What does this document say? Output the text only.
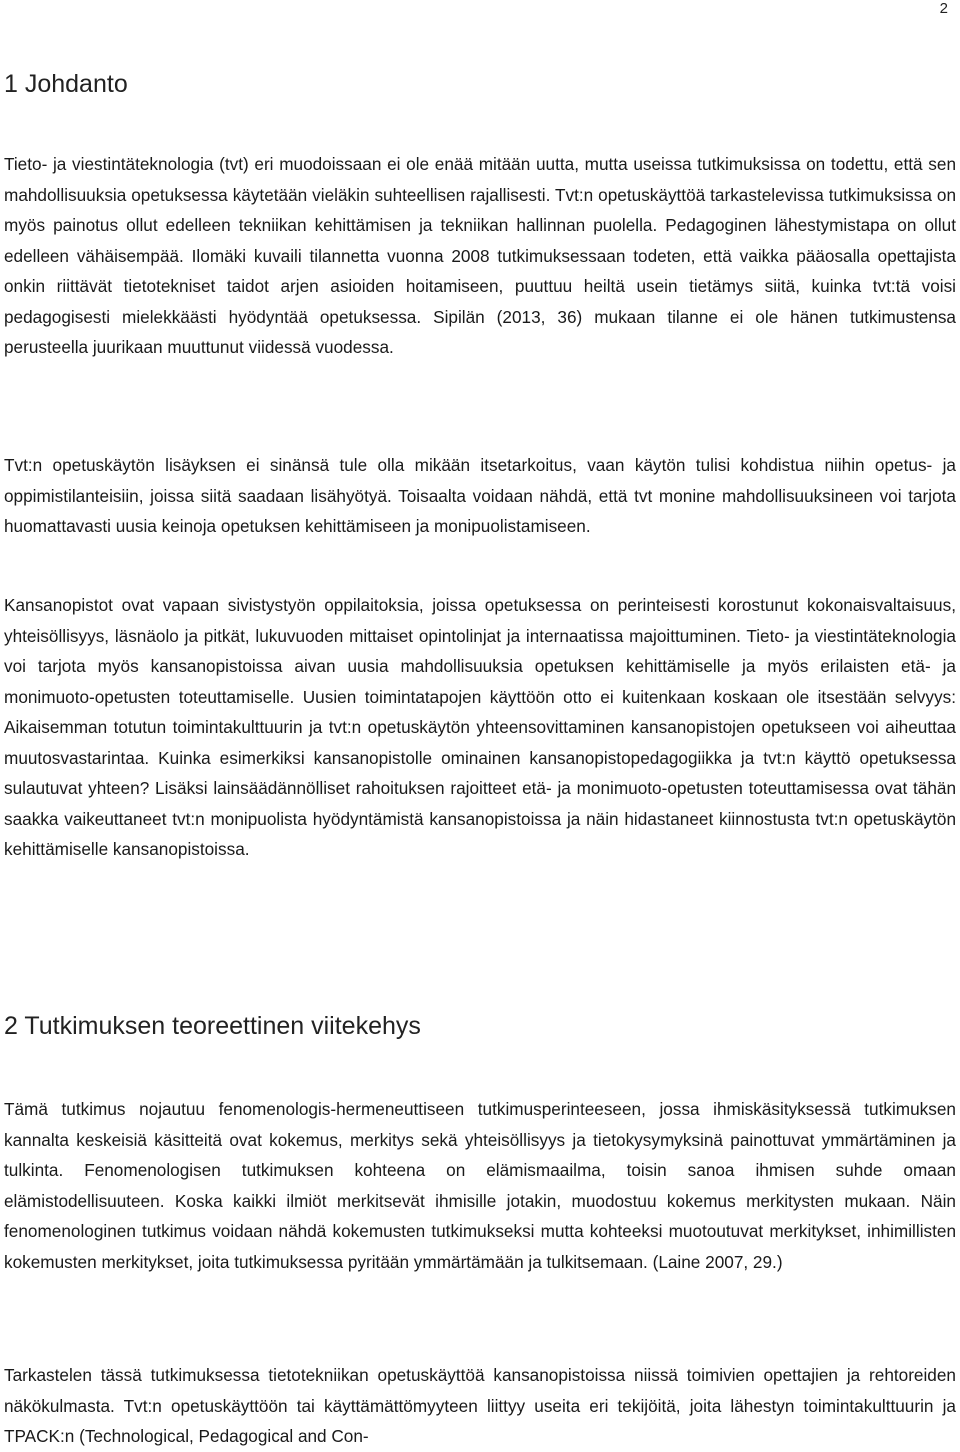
2
1 Johdanto

Tieto- ja viestintäteknologia (tvt) eri muodoissaan ei ole enää mitään uutta, mutta useissa tutkimuksissa on todettu, että sen mahdollisuuksia opetuksessa käytetään vieläkin suhteellisen rajallisesti. Tvt:n opetuskäyttöä tarkastelevissa tutkimuksissa on myös painotus ollut edelleen tekniikan kehittämisen ja tekniikan hallinnan puolella. Pedagoginen lähestymistapa on ollut edelleen vähäisempää. Ilomäki kuvaili tilannetta vuonna 2008 tutkimuksessaan todeten, että vaikka pääosalla opettajista onkin riittävät tietotekniset taidot arjen asioiden hoitamiseen, puuttuu heiltä usein tietämys siitä, kuinka tvt:tä voisi pedagogisesti mielekkäästi hyödyntää opetuksessa. Sipilän (2013, 36) mukaan tilanne ei ole hänen tutkimustensa perusteella juurikaan muuttunut viidessä vuodessa.

Tvt:n opetuskäytön lisäyksen ei sinänsä tule olla mikään itsetarkoitus, vaan käytön tulisi kohdistua niihin opetus- ja oppimistilanteisiin, joissa siitä saadaan lisähyötyä. Toisaalta voidaan nähdä, että tvt monine mahdollisuuksineen voi tarjota huomattavasti uusia keinoja opetuksen kehittämiseen ja monipuolistamiseen.

Kansanopistot ovat vapaan sivistystyön oppilaitoksia, joissa opetuksessa on perinteisesti korostunut kokonaisvaltaisuus, yhteisöllisyys, läsnäolo ja pitkät, lukuvuoden mittaiset opintolinjat ja internaatissa majoittuminen. Tieto- ja viestintäteknologia voi tarjota myös kansanopistoissa aivan uusia mahdollisuuksia opetuksen kehittämiselle ja myös erilaisten etä- ja monimuoto-opetusten toteuttamiselle. Uusien toimintatapojen käyttöön otto ei kuitenkaan koskaan ole itsestään selvyys: Aikaisemman totutun toimintakulttuurin ja tvt:n opetuskäytön yhteensovittaminen kansanopistojen opetukseen voi aiheuttaa muutosvastarintaa. Kuinka esimerkiksi kansanopistolle ominainen kansanopistopedagogiikka ja tvt:n käyttö opetuksessa sulautuvat yhteen? Lisäksi lainsäädännölliset rahoituksen rajoitteet etä- ja monimuoto-opetusten toteuttamisessa ovat tähän saakka vaikeuttaneet tvt:n monipuolista hyödyntämistä kansanopistoissa ja näin hidastaneet kiinnostusta tvt:n opetuskäytön kehittämiselle kansanopistoissa.

2 Tutkimuksen teoreettinen viitekehys

Tämä tutkimus nojautuu fenomenologis-hermeneuttiseen tutkimusperinteeseen, jossa ihmiskäsityksessä tutkimuksen kannalta keskeisiä käsitteitä ovat kokemus, merkitys sekä yhteisöllisyys ja tietokysymyksinä painottuvat ymmärtäminen ja tulkinta. Fenomenologisen tutkimuksen kohteena on elämismaailma, toisin sanoa ihmisen suhde omaan elämistodellisuuteen. Koska kaikki ilmiöt merkitsevät ihmisille jotakin, muodostuu kokemus merkitysten mukaan. Näin fenomenologinen tutkimus voidaan nähdä kokemusten tutkimukseksi mutta kohteeksi muotoutuvat merkitykset, inhimillisten kokemusten merkitykset, joita tutkimuksessa pyritään ymmärtämään ja tulkitsemaan. (Laine 2007, 29.)

Tarkastelen tässä tutkimuksessa tietotekniikan opetuskäyttöä kansanopistoissa niissä toimivien opettajien ja rehtoreiden näkökulmasta. Tvt:n opetuskäyttöön tai käyttämättömyyteen liittyy useita eri tekijöitä, joita lähestyn toimintakulttuurin ja TPACK:n (Technological, Pedagogical and Con-
